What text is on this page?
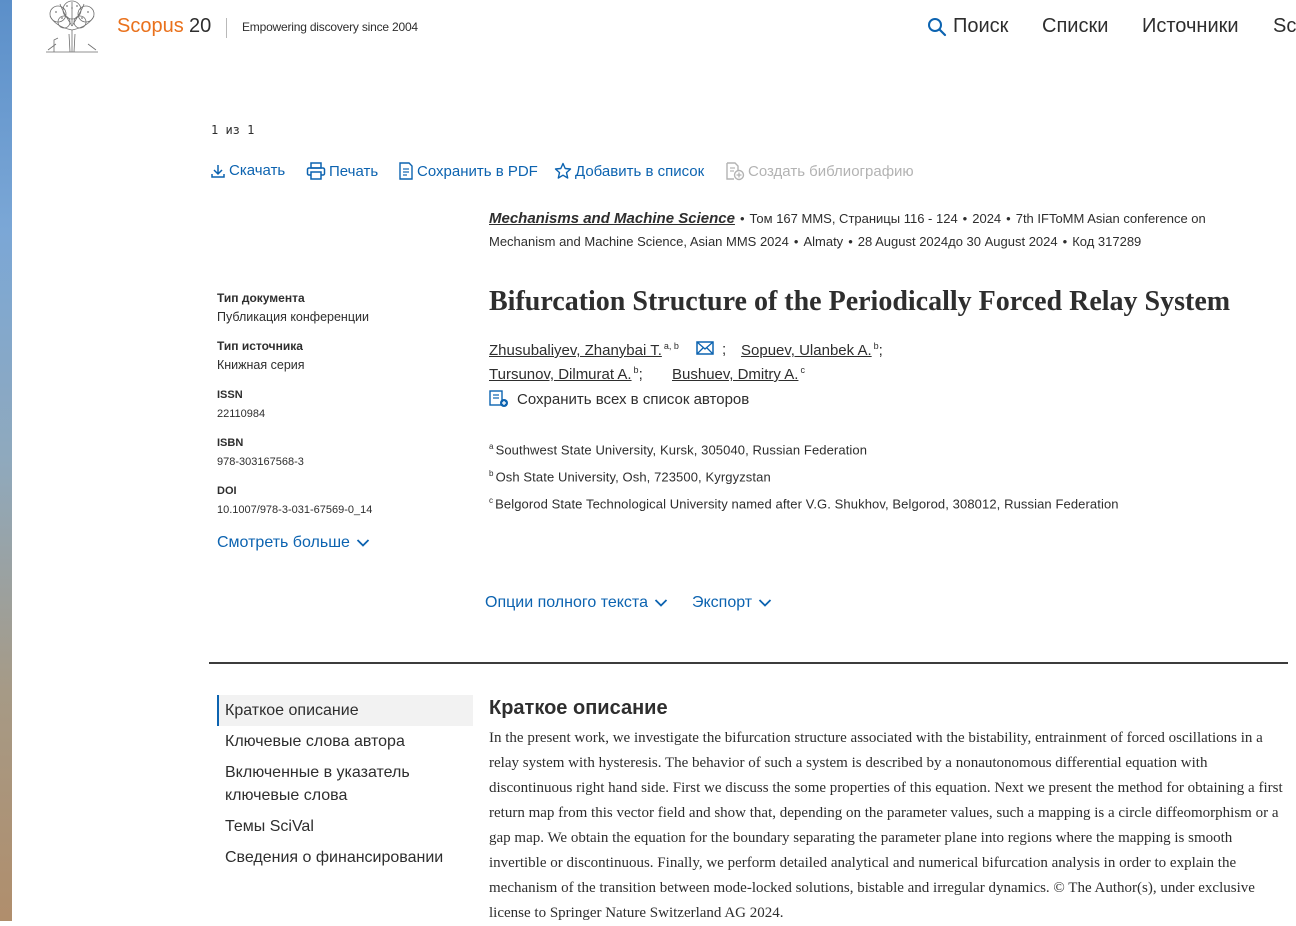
Scopus 20	Empowering discovery since 2004	Поиск Списки Источники Sc
1 из 1
Скачать	Печать	Сохранить в PDF Добавить в список	Создать библиографию
Mechanisms and Machine Science • Том 167 MMS, Страницы 116 - 124 • 2024 • 7th IFToMM Asian conference on
Mechanism and Machine Science, Asian MMS 2024 • Almaty • 28 August 2024до 30 August 2024 • Код 317289
Тип документа
Публикация конференции
Тип источника
Книжная серия
ISSN
22110984
ISBN
978-303167568-3
DOI
10.1007/978-3-031-67569-0_14
Смотреть больше
Bifurcation Structure of the Periodically Forced Relay System
Zhusubaliyev, Zhanybai T. $^{a, b}$	; Sopuev, Ulanbek A. $^b$;
Tursunov, Dilmurat A. $^b$; Bushuev, Dmitry A. $^c$
Сохранить всех в список авторов
$^a$ Southwest State University, Kursk, 305040, Russian Federation
$^b$ Osh State University, Osh, 723500, Kyrgyzstan
$^c$ Belgorod State Technological University named after V.G. Shukhov, Belgorod, 308012, Russian Federation
Опции полного текста	Экспорт
Краткое описание
Ключевые слова автора
Включенные в указатель ключевые слова
Темы SciVal
Сведения о финансировании
Краткое описание

In the present work, we investigate the bifurcation structure associated with the bistability, entrainment of forced oscillations in a relay system with hysteresis. The behavior of such a system is described by a nonautonomous differential equation with discontinuous right hand side. First we discuss the some properties of this equation. Next we present the method for obtaining a first return map from this vector field and show that, depending on the parameter values, such a mapping is a circle diffeomorphism or a gap map. We obtain the equation for the boundary separating the parameter plane into regions where the mapping is smooth invertible or discontinuous. Finally, we perform detailed analytical and numerical bifurcation analysis in order to explain the mechanism of the transition between mode-locked solutions, bistable and irregular dynamics. © The Author(s), under exclusive license to Springer Nature Switzerland AG 2024.
